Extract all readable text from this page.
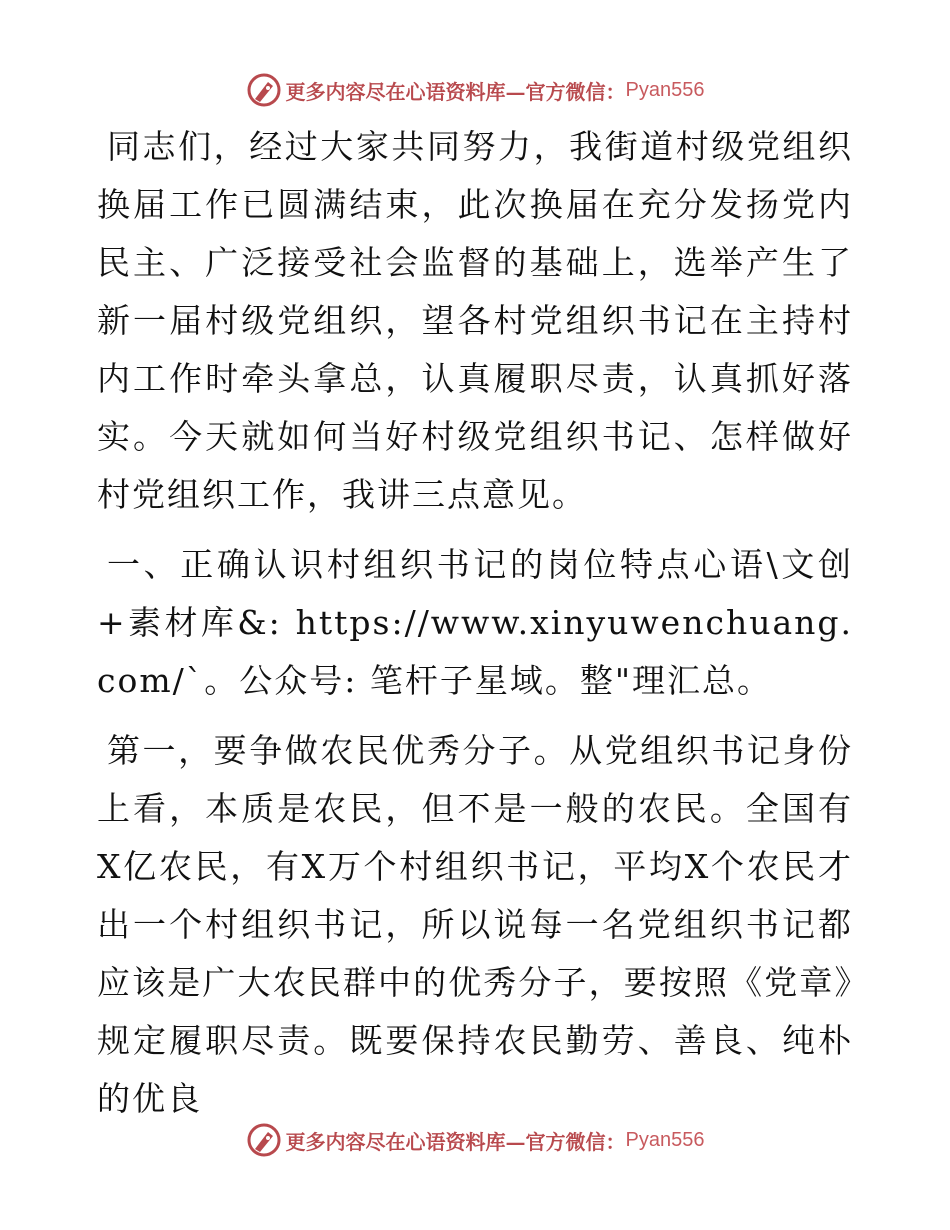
更多内容尽在心语资料库—官方微信： Pyan556

同志们，经过大家共同努力，我街道村级党组织换届工作已圆满结束，此次换届在充分发扬党内民主、广泛接受社会监督的基础上，选举产生了新一届村级党组织，望各村党组织书记在主持村内工作时牵头拿总，认真履职尽责，认真抓好落实。今天就如何当好村级党组织书记、怎样做好村党组织工作，我讲三点意见。

一、正确认识村组织书记的岗位特点心语\文创+素材库&: https://www.xinyuwenchuang.com/`。公众号: 笔杆子星域。整"理汇总。

第一，要争做农民优秀分子。从党组织书记身份上看，本质是农民，但不是一般的农民。全国有X亿农民，有X万个村组织书记，平均X个农民才出一个村组织书记，所以说每一名党组织书记都应该是广大农民群中的优秀分子，要按照《党章》规定履职尽责。既要保持农民勤劳、善良、纯朴的优良

更多内容尽在心语资料库—官方微信： Pyan556
